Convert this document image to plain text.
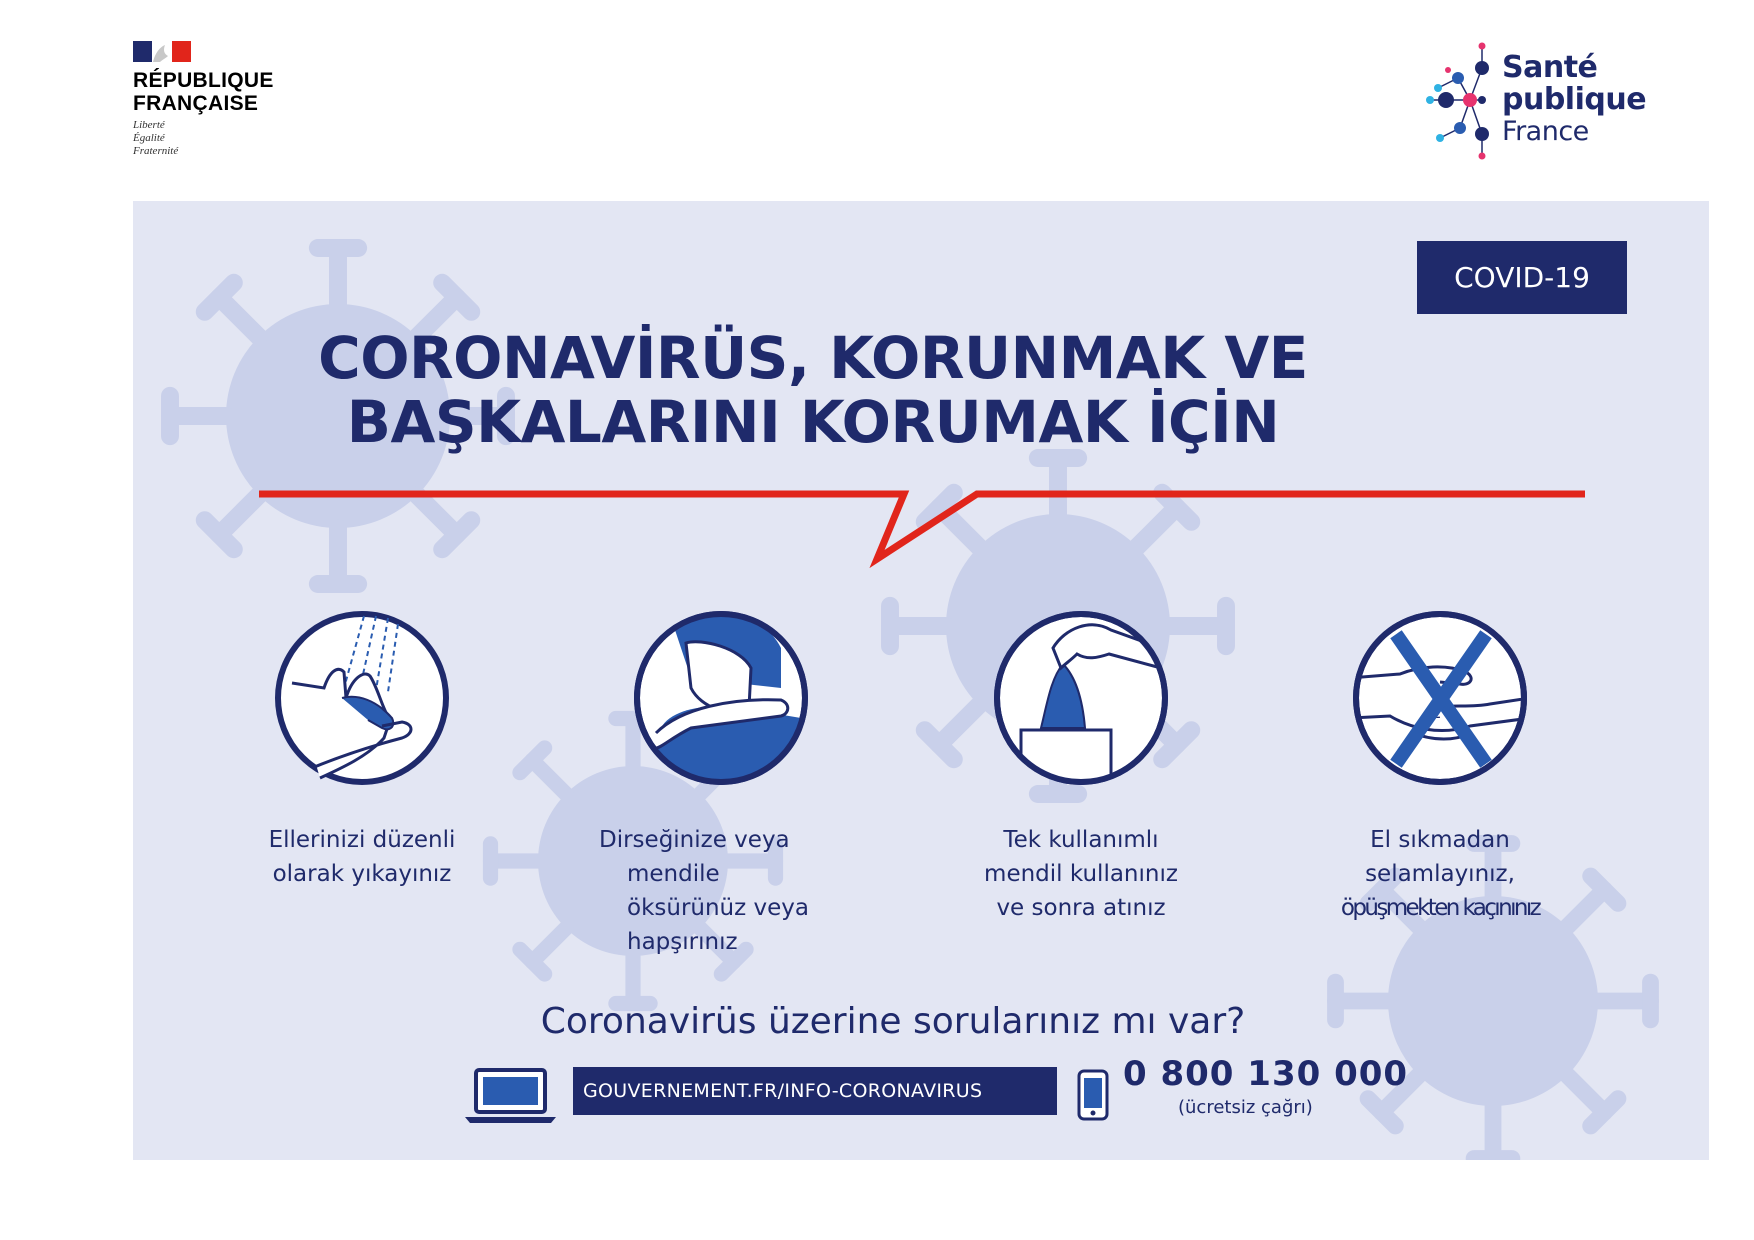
RÉPUBLIQUE
FRANÇAISE
Liberté
Égalité
Fraternité
Santé
publique
France
COVID-19
CORONAVİRÜS, KORUNMAK VE
BAŞKALARINI KORUMAK İÇİN
Ellerinizi düzenli
olarak yıkayınız
Dirseğinize veya
mendile
öksürünüz veya
hapşırınız
Tek kullanımlı
mendil kullanınız
ve sonra atınız
El sıkmadan
selamlayınız,
öpüşmekten kaçınınız
Coronavirüs üzerine sorularınız mı var?
GOUVERNEMENT.FR/INFO-CORONAVIRUS	0 800 130 000
(ücretsiz çağrı)
